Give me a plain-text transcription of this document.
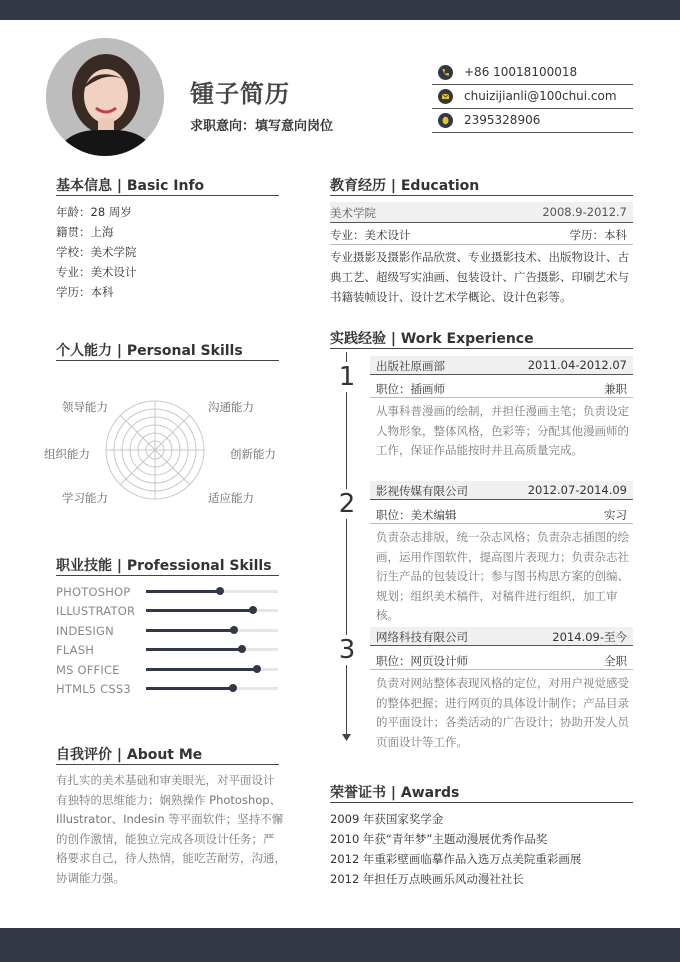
锺子简历
求职意向：填写意向岗位
+86 10018100018
chuizijianli@100chui.com
2395328906
基本信息 | Basic Info
年龄：28 周岁
籍贯：上海
学校：美术学院
专业：美术设计
学历：本科
个人能力 | Personal Skills
领导能力	沟通能力
组织能力	创新能力
学习能力	适应能力
职业技能 | Professional Skills
PHOTOSHOP
ILLUSTRATOR
INDESIGN
FLASH
MS OFFICE
HTML5 CSS3
自我评价 | About Me
有扎实的美术基础和审美眼光，对平面设计
有独特的思维能力；娴熟操作 Photoshop、
Illustrator、Indesin 等平面软件；坚持不懈
的创作激情，能独立完成各项设计任务；严
格要求自己，待人热情，能吃苦耐劳，沟通，
协调能力强。
教育经历 | Education
美术学院	2008.9-2012.7
专业：美术设计	学历：本科
专业摄影及摄影作品欣赏、专业摄影技术、出版物设计、古
典工艺、超级写实油画、包装设计、广告摄影、印刷艺术与
书籍装帧设计、设计艺术学概论、设计色彩等。
实践经验 | Work Experience
1 出版社原画部	2011.04-2012.07
职位：插画师	兼职
从事科普漫画的绘制，并担任漫画主笔；负责设定
人物形象，整体风格，色彩等；分配其他漫画师的
工作，保证作品能按时并且高质量完成。
2 影视传媒有限公司	2012.07-2014.09
职位：美术编辑	实习
负责杂志排版，统一杂志风格；负责杂志插图的绘
画，运用作图软件，提高图片表现力；负责杂志社
衍生产品的包装设计；参与图书构思方案的创编、
规划；组织美术稿件，对稿件进行组织，加工审核。
3 网络科技有限公司	2014.09-至今
职位：网页设计师	全职
负责对网站整体表现风格的定位，对用户视觉感受
的整体把握；进行网页的具体设计制作；产品目录
的平面设计；各类活动的广告设计；协助开发人员
页面设计等工作。
荣誉证书 | Awards
2009 年获国家奖学金
2010 年获“青年梦”主题动漫展优秀作品奖
2012 年重彩壁画临摹作品入选万点美院重彩画展
2012 年担任万点映画乐风动漫社社长
